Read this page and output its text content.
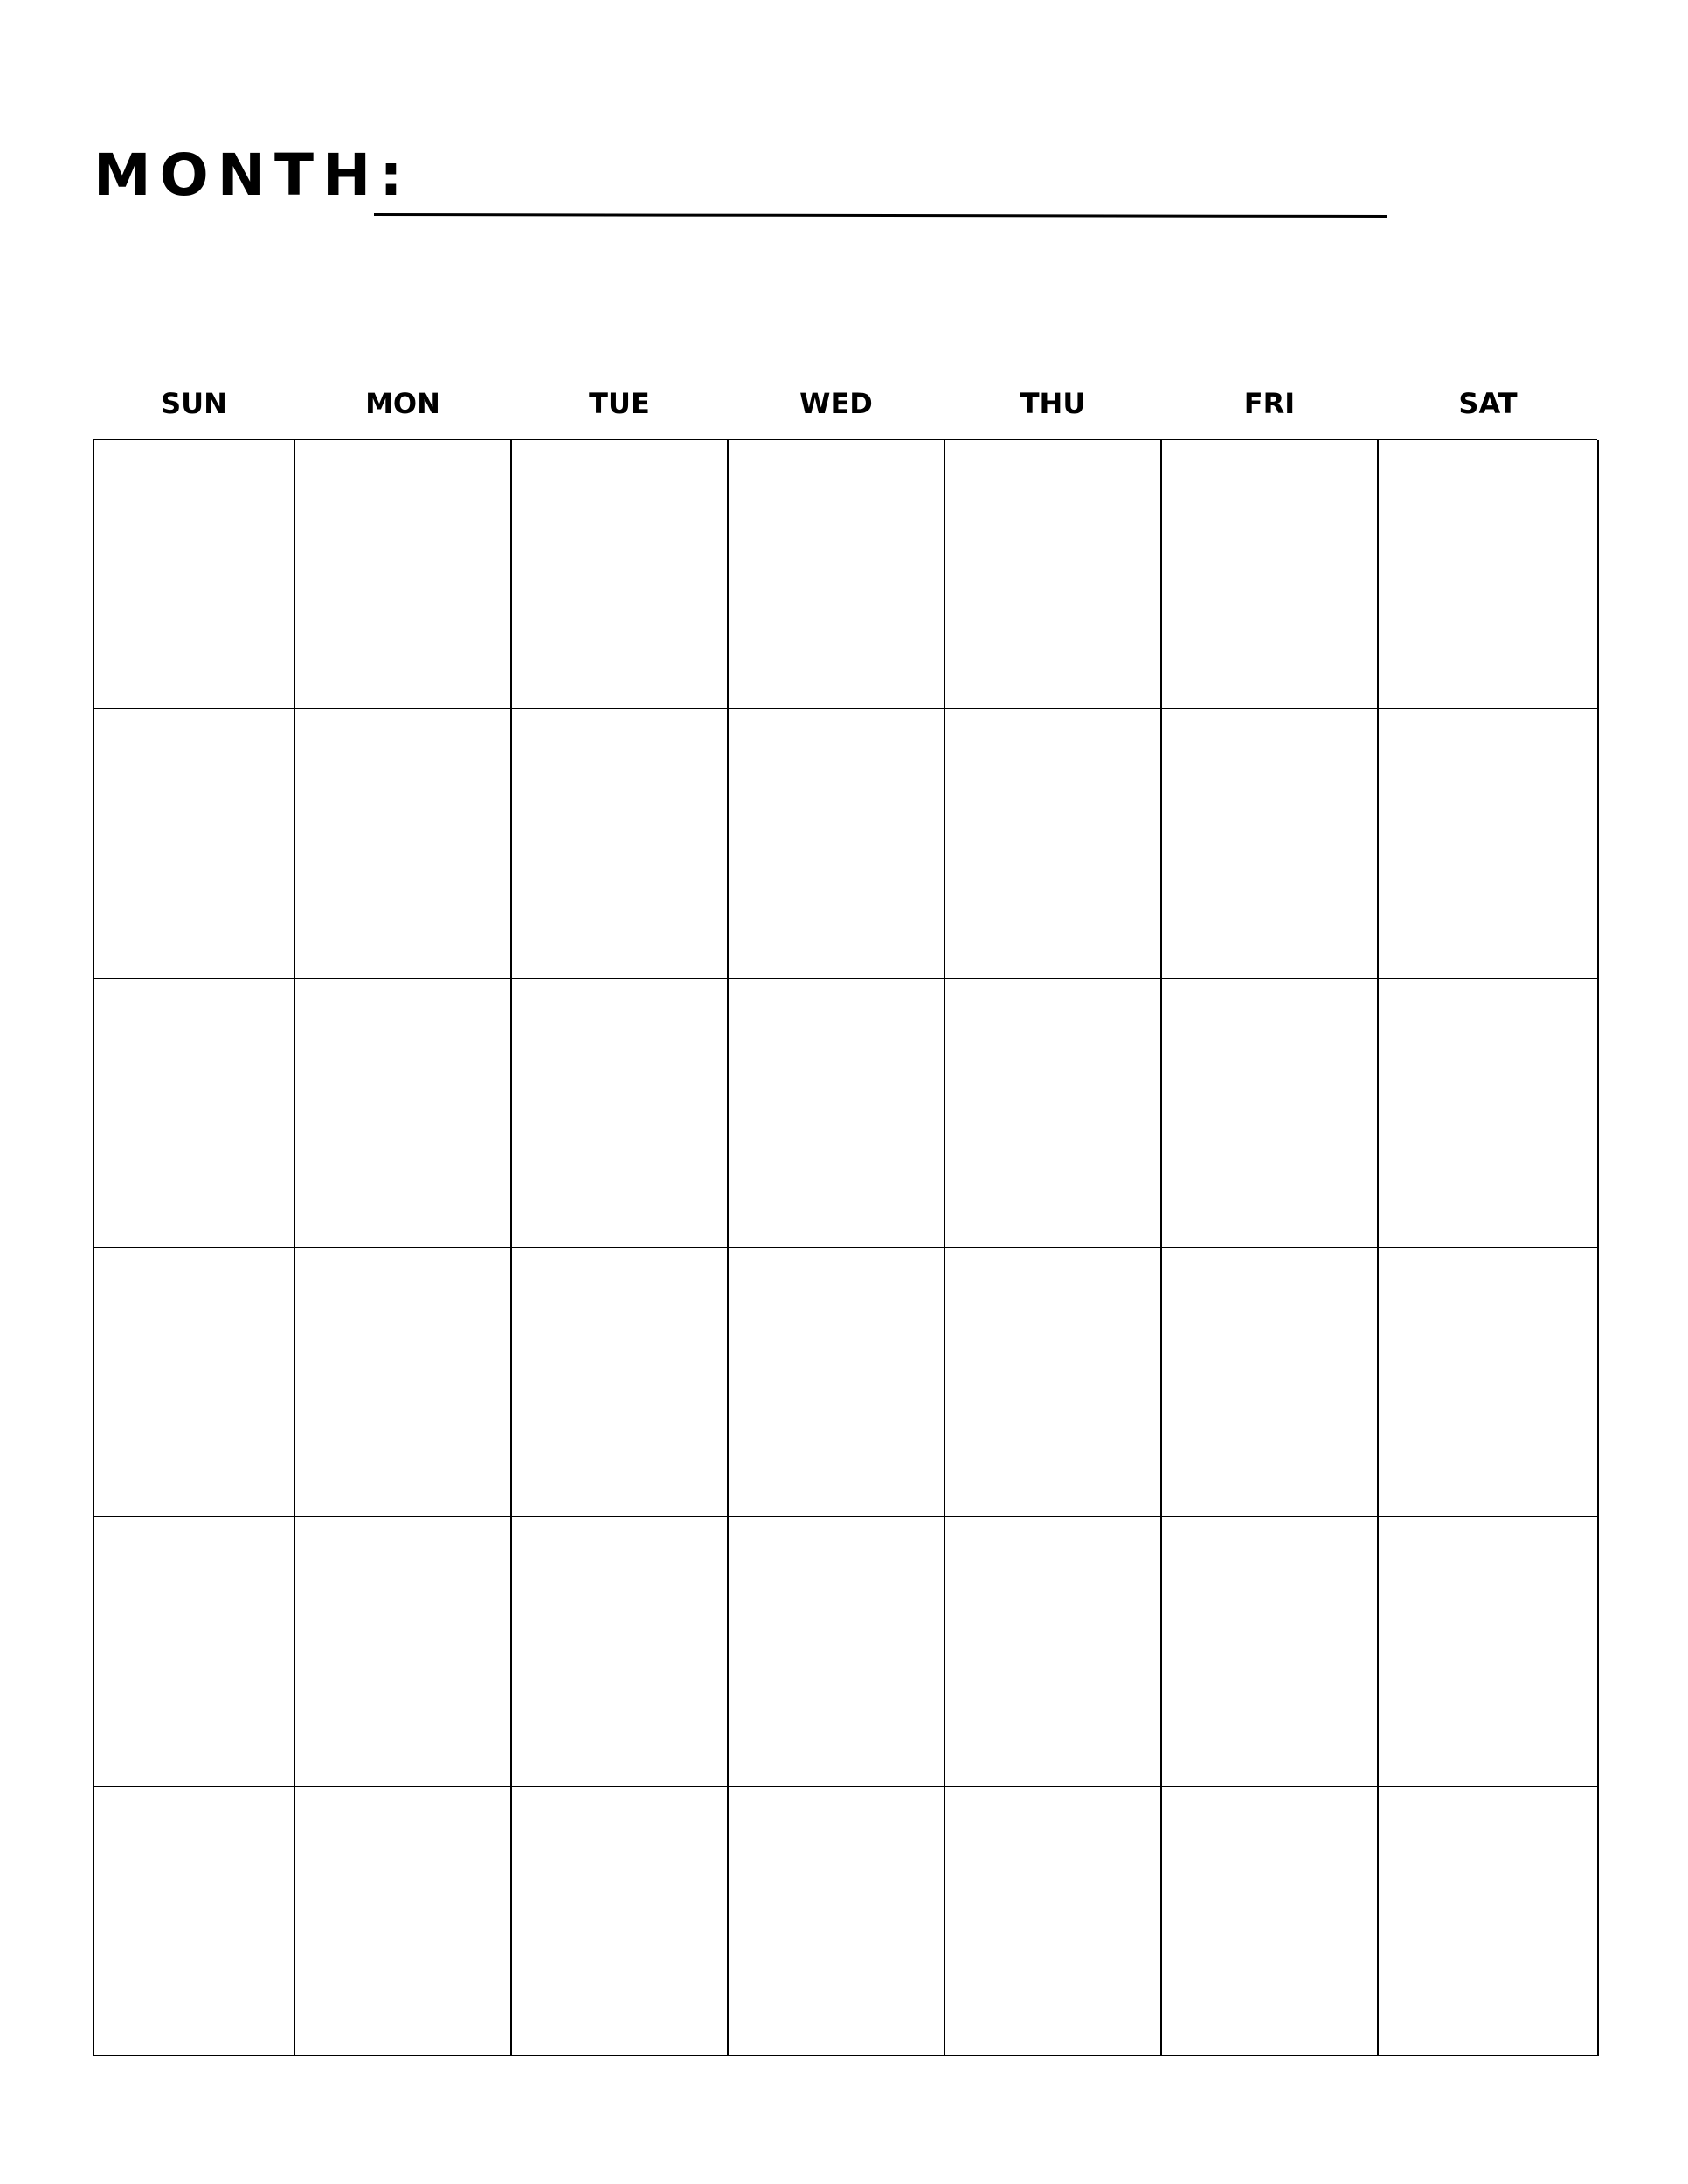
MONTH:
SUN	MON	TUE	WED	THU	FRI	SAT
